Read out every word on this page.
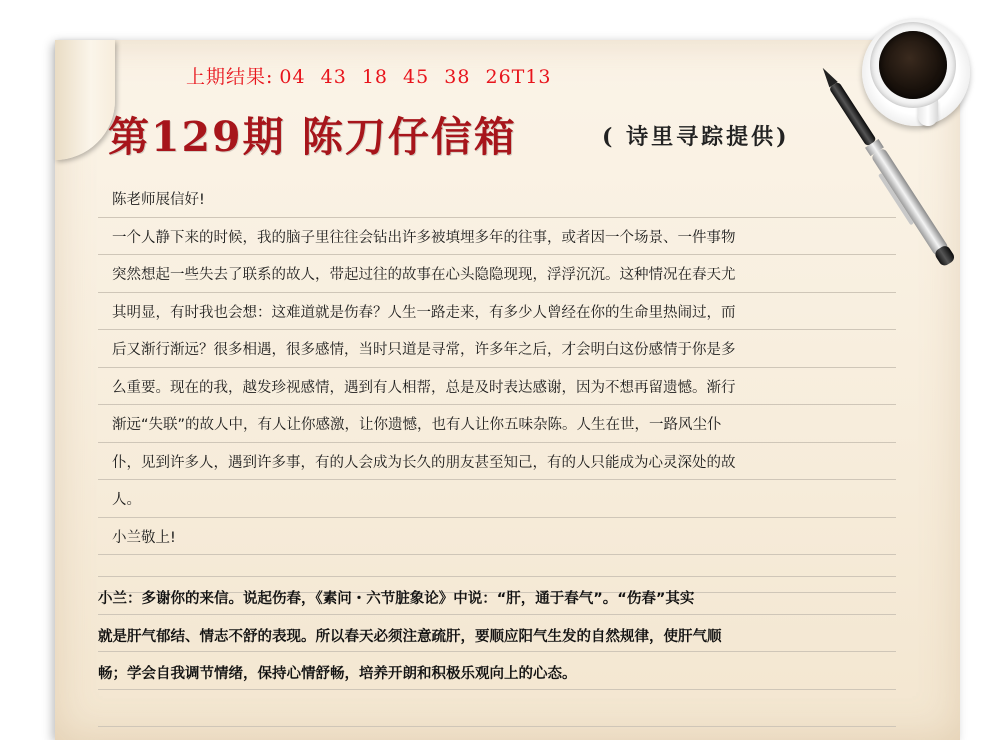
上期结果: 04 43 18 45 38 26T13
第129期 陈刀仔信箱	( 诗里寻踪提供)
陈老师展信好!
一个人静下来的时候，我的脑子里往往会钻出许多被填埋多年的往事，或者因一个场景、一件事物
突然想起一些失去了联系的故人，带起过往的故事在心头隐隐现现，浮浮沉沉。这种情况在春天尤
其明显，有时我也会想：这难道就是伤春？人生一路走来，有多少人曾经在你的生命里热闹过，而
后又渐行渐远？很多相遇，很多感情，当时只道是寻常，许多年之后，才会明白这份感情于你是多
么重要。现在的我，越发珍视感情，遇到有人相帮，总是及时表达感谢，因为不想再留遗憾。渐行
渐远“失联”的故人中，有人让你感激，让你遗憾，也有人让你五味杂陈。人生在世，一路风尘仆
仆，见到许多人，遇到许多事，有的人会成为长久的朋友甚至知己，有的人只能成为心灵深处的故
人。
小兰敬上!
小兰：多谢你的来信。说起伤春，《素问・六节脏象论》中说：“肝，通于春气”。“伤春”其实
就是肝气郁结、情志不舒的表现。所以春天必须注意疏肝，要顺应阳气生发的自然规律，使肝气顺
畅；学会自我调节情绪，保持心情舒畅，培养开朗和积极乐观向上的心态。
